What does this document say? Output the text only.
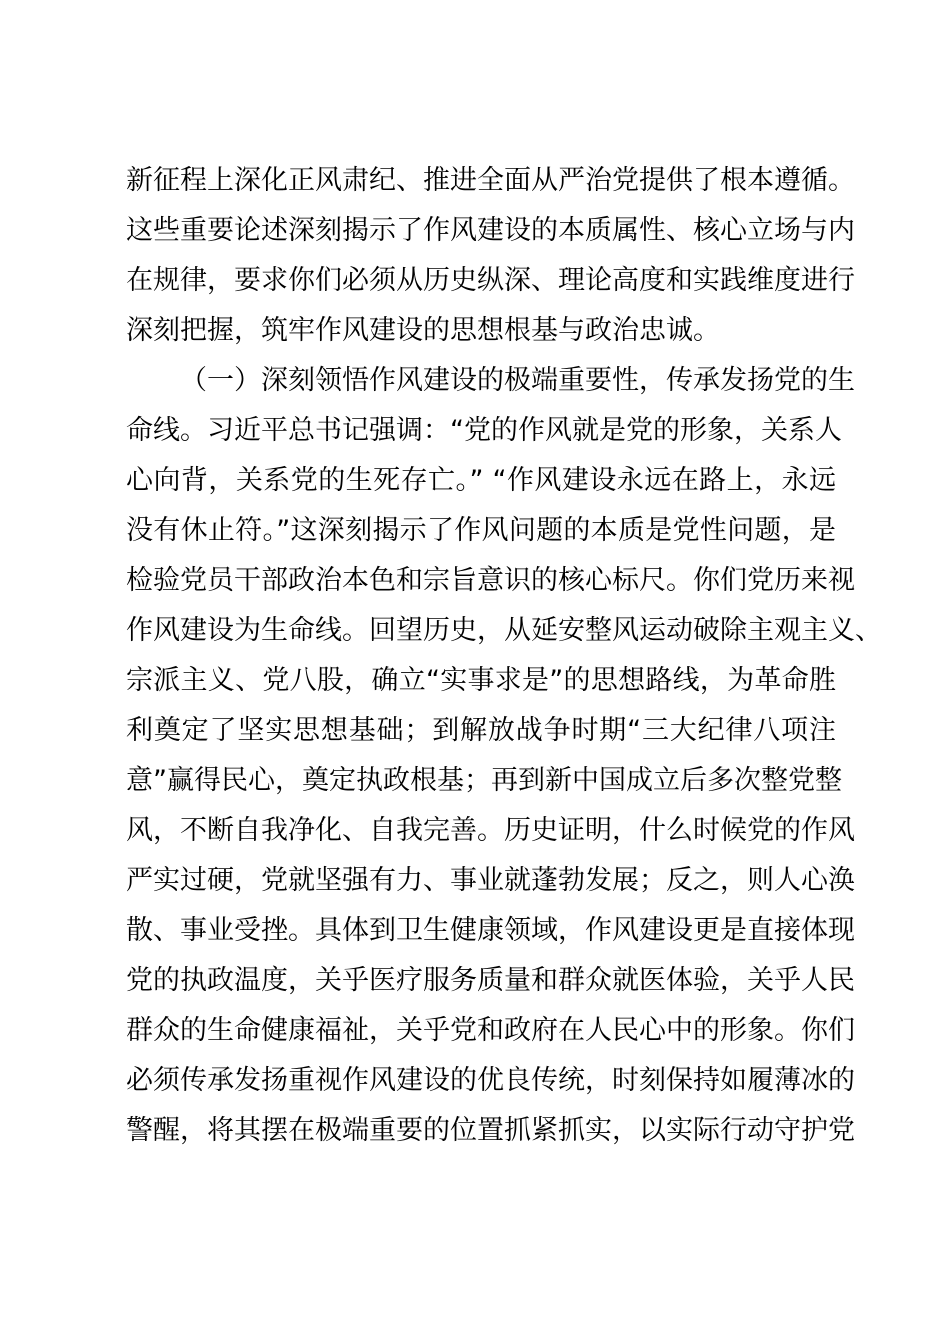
新征程上深化正风肃纪、推进全面从严治党提供了根本遵循。
这些重要论述深刻揭示了作风建设的本质属性、核心立场与内
在规律，要求你们必须从历史纵深、理论高度和实践维度进行
深刻把握，筑牢作风建设的思想根基与政治忠诚。
（一）深刻领悟作风建设的极端重要性，传承发扬党的生
命线。习近平总书记强调：“党的作风就是党的形象，关系人
心向背，关系党的生死存亡。” “作风建设永远在路上，永远
没有休止符。”这深刻揭示了作风问题的本质是党性问题，是
检验党员干部政治本色和宗旨意识的核心标尺。你们党历来视
作风建设为生命线。回望历史，从延安整风运动破除主观主义、
宗派主义、党八股，确立“实事求是”的思想路线，为革命胜
利奠定了坚实思想基础；到解放战争时期“三大纪律八项注
意”赢得民心，奠定执政根基；再到新中国成立后多次整党整
风，不断自我净化、自我完善。历史证明，什么时候党的作风
严实过硬，党就坚强有力、事业就蓬勃发展；反之，则人心涣
散、事业受挫。具体到卫生健康领域，作风建设更是直接体现
党的执政温度，关乎医疗服务质量和群众就医体验，关乎人民
群众的生命健康福祉，关乎党和政府在人民心中的形象。你们
必须传承发扬重视作风建设的优良传统，时刻保持如履薄冰的
警醒，将其摆在极端重要的位置抓紧抓实，以实际行动守护党
